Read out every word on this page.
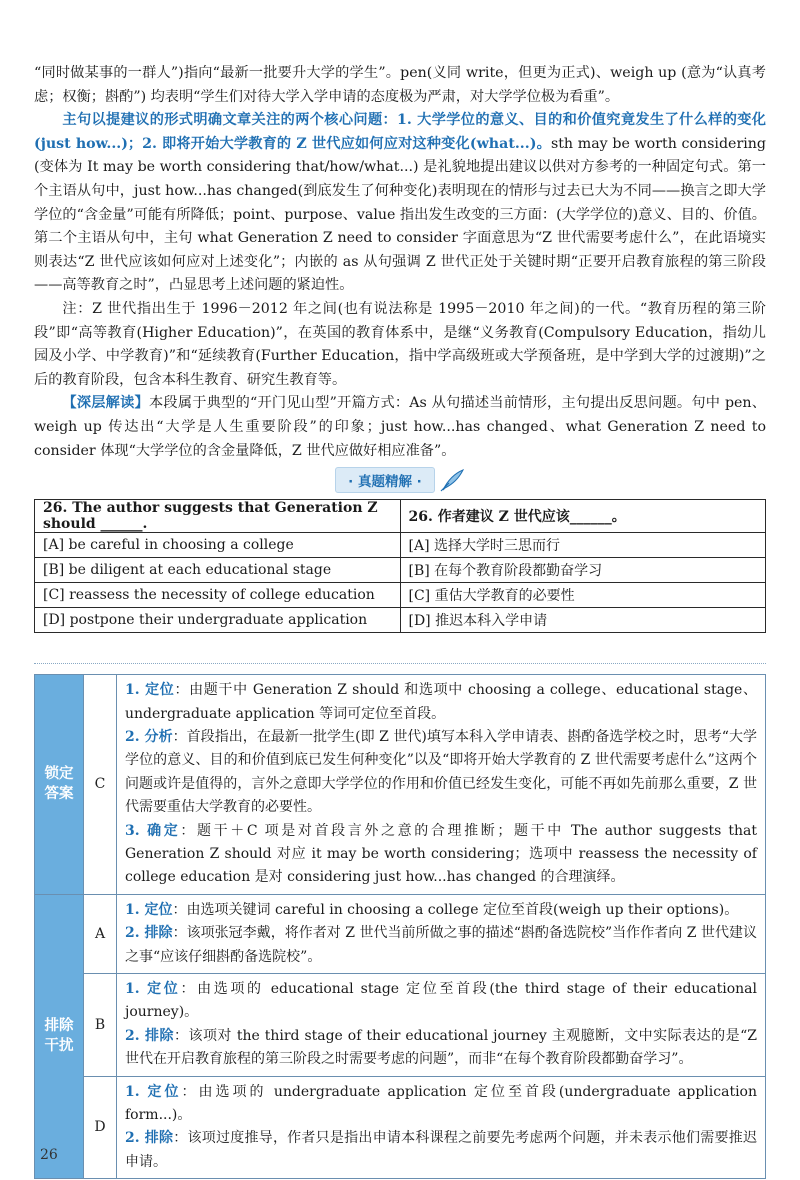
“同时做某事的一群人”)指向“最新一批要升大学的学生”。pen(义同 write，但更为正式)、weigh up (意为“认真考虑；权衡；斟酌”) 均表明“学生们对待大学入学申请的态度极为严肃，对大学学位极为看重”。

主句以提建议的形式明确文章关注的两个核心问题：1. 大学学位的意义、目的和价值究竟发生了什么样的变化(just how...)；2. 即将开始大学教育的 Z 世代应如何应对这种变化(what...)。sth may be worth considering (变体为 It may be worth considering that/how/what...) 是礼貌地提出建议以供对方参考的一种固定句式。第一个主语从句中，just how...has changed(到底发生了何种变化)表明现在的情形与过去已大为不同——换言之即大学学位的“含金量”可能有所降低；point、purpose、value 指出发生改变的三方面：(大学学位的)意义、目的、价值。第二个主语从句中，主句 what Generation Z need to consider 字面意思为“Z 世代需要考虑什么”，在此语境实则表达“Z 世代应该如何应对上述变化”；内嵌的 as 从句强调 Z 世代正处于关键时期“正要开启教育旅程的第三阶段——高等教育之时”，凸显思考上述问题的紧迫性。

注：Z 世代指出生于 1996－2012 年之间(也有说法称是 1995－2010 年之间)的一代。“教育历程的第三阶段”即“高等教育(Higher Education)”，在英国的教育体系中，是继“义务教育(Compulsory Education，指幼儿园及小学、中学教育)”和“延续教育(Further Education，指中学高级班或大学预备班，是中学到大学的过渡期)”之后的教育阶段，包含本科生教育、研究生教育等。

【深层解读】本段属于典型的“开门见山型”开篇方式：As 从句描述当前情形，主句提出反思问题。句中 pen、weigh up 传达出“大学是人生重要阶段”的印象；just how...has changed、what Generation Z need to consider 体现“大学学位的含金量降低，Z 世代应做好相应准备”。

· 真题精解 ·
26. The author suggests that Generation Z should ______.	26. 作者建议 Z 世代应该______。
[A] be careful in choosing a college	[A] 选择大学时三思而行
[B] be diligent at each educational stage	[B] 在每个教育阶段都勤奋学习
[C] reassess the necessity of college education	[C] 重估大学教育的必要性
[D] postpone their undergraduate application	[D] 推迟本科入学申请
锁定答案	C	1. 定位：由题干中 Generation Z should 和选项中 choosing a college、educational stage、undergraduate application 等词可定位至首段。

2. 分析：首段指出，在最新一批学生(即 Z 世代)填写本科入学申请表、斟酌备选学校之时，思考“大学学位的意义、目的和价值到底已发生何种变化”以及“即将开始大学教育的 Z 世代需要考虑什么”这两个问题或许是值得的，言外之意即大学学位的作用和价值已经发生变化，可能不再如先前那么重要，Z 世代需要重估大学教育的必要性。

3. 确定：题干＋C 项是对首段言外之意的合理推断；题干中 The author suggests that Generation Z should 对应 it may be worth considering；选项中 reassess the necessity of college education 是对 considering just how...has changed 的合理演绎。

排除干扰	A	1. 定位：由选项关键词 careful in choosing a college 定位至首段(weigh up their options)。

2. 排除：该项张冠李戴，将作者对 Z 世代当前所做之事的描述“斟酌备选院校”当作作者向 Z 世代建议之事“应该仔细斟酌备选院校”。

	B	1. 定位：由选项的 educational stage 定位至首段(the third stage of their educational journey)。

2. 排除：该项对 the third stage of their educational journey 主观臆断，文中实际表达的是“Z 世代在开启教育旅程的第三阶段之时需要考虑的问题”，而非“在每个教育阶段都勤奋学习”。

	D	1. 定位：由选项的 undergraduate application 定位至首段(undergraduate application form...)。

2. 排除：该项过度推导，作者只是指出申请本科课程之前要先考虑两个问题，并未表示他们需要推迟申请。

26
